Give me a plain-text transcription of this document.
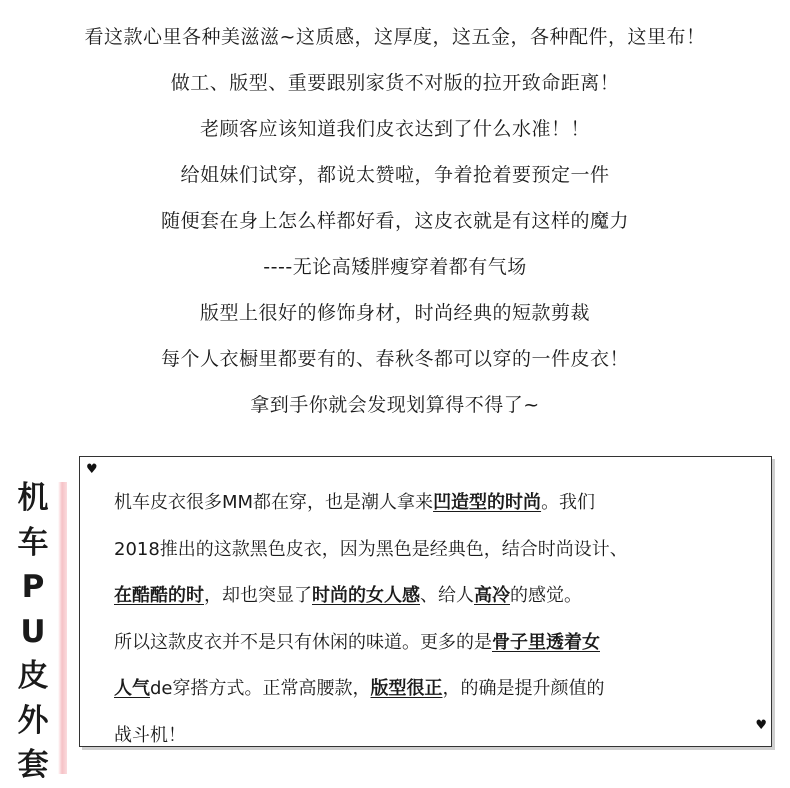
看这款心里各种美滋滋~这质感，这厚度，这五金，各种配件，这里布！
做工、版型、重要跟别家货不对版的拉开致命距离！
老顾客应该知道我们皮衣达到了什么水准！！
给姐妹们试穿，都说太赞啦，争着抢着要预定一件
随便套在身上怎么样都好看，这皮衣就是有这样的魔力
----无论高矮胖瘦穿着都有气场
版型上很好的修饰身材，时尚经典的短款剪裁
每个人衣橱里都要有的、春秋冬都可以穿的一件皮衣！
拿到手你就会发现划算得不得了~
机
车
P
U
皮
外
套
♥
机车皮衣很多MM都在穿，也是潮人拿来凹造型的时尚。我们
2018推出的这款黑色皮衣，因为黑色是经典色，结合时尚设计、
在酷酷的时，却也突显了时尚的女人感、给人高冷的感觉。
所以这款皮衣并不是只有休闲的味道。更多的是骨子里透着女
人气de穿搭方式。正常高腰款，版型很正，的确是提升颜值的
战斗机！	♥
